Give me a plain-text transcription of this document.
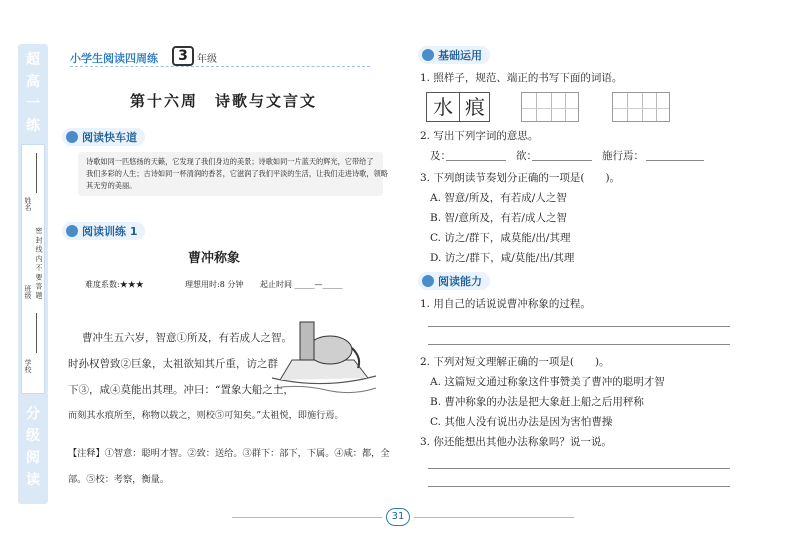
超
高
一
练
姓名
密 封 线 内 不 要 答 题
班级
学校
分
级
阅
读
小学生阅读四周练	3 年级
第十六周　诗歌与文言文
阅读快车道
诗歌如同一匹悠扬的天籁，它发现了我们身边的美景；诗歌如同一片蓝天的辉光，它带给了
我们多彩的人生；古诗如同一杯清润的香茗，它滋润了我们平淡的生活，让我们走进诗歌，领略
其无穷的美丽。
阅读训练 1
曹冲称象
难度系数:★★★	理想用时:8 分钟 起止时间 _____—_____
曹冲生五六岁，智意①所及，有若成人之智。
时孙权曾致②巨象，太祖欲知其斤重，访之群
下③，咸④莫能出其理。冲曰：“置象大船之上，
而刻其水痕所至，称物以载之，则校⑤可知矣。”太祖悦，即施行焉。
【注释】①智意：聪明才智。②致：送给。③群下：部下，下属。④咸：都，全
部。⑤校：考察，衡量。
基础运用
1. 照样子，规范、端正的书写下面的词语。
水 痕
2. 写出下列字词的意思。
及：	欲：	施行焉：
3. 下列朗读节奏划分正确的一项是(　　)。
A. 智意/所及，有若成/人之智
B. 智/意所及，有若/成人之智
C. 访之/群下，咸莫能/出/其理
D. 访之/群下，咸/莫能/出/其理
阅读能力
1. 用自己的话说说曹冲称象的过程。
2. 下列对短文理解正确的一项是(　　)。
A. 这篇短文通过称象这件事赞美了曹冲的聪明才智
B. 曹冲称象的办法是把大象赶上船之后用秤称
C. 其他人没有说出办法是因为害怕曹操
3. 你还能想出其他办法称象吗？说一说。
31
